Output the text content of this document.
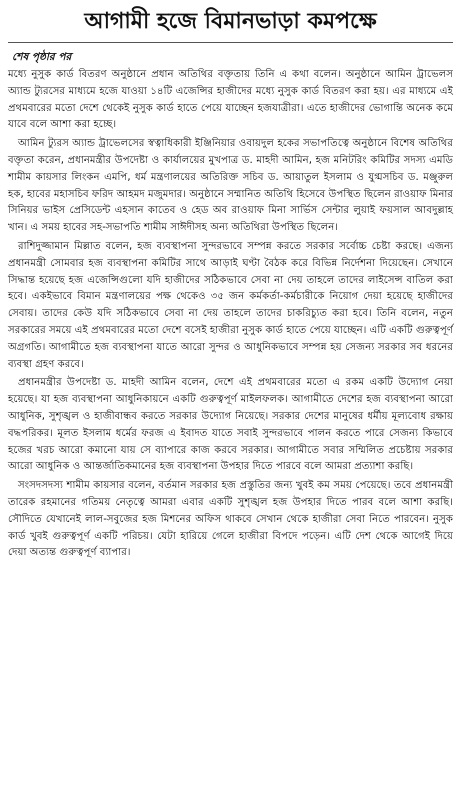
আগামী হজে বিমানভাড়া কমপক্ষে
শেষ পৃষ্ঠার পর

মধ্যে নুসুক কার্ড বিতরণ অনুষ্ঠানে প্রধান অতিথির বক্তৃতায় তিনি এ কথা বলেন। অনুষ্ঠানে আমিন ট্রাভেলস অ্যান্ড ট্যুরসের মাধ্যমে হজে যাওয়া ১৪টি এজেন্সির হাজীদের মধ্যে নুসুক কার্ড বিতরণ করা হয়। এর মাধ্যমে এই প্রথমবারের মতো দেশে থেকেই নুসুক কার্ড হাতে পেয়ে যাচ্ছেন হজযাত্রীরা। এতে হাজীদের ভোগান্তি অনেক কমে যাবে বলে আশা করা হচ্ছে।

আমিন ট্যুরস অ্যান্ড ট্রাভেলসের স্বত্বাধিকারী ইঞ্জিনিয়ার ওবায়দুল হকের সভাপতিত্বে অনুষ্ঠানে বিশেষ অতিথির বক্তৃতা করেন, প্রধানমন্ত্রীর উপদেষ্টা ও কার্যালয়ের মুখপাত্র ড. মাহদী আমিন, হজ মনিটরিং কমিটির সদস্য এমডি শামীম কায়সার লিংকন এমপি, ধর্ম মন্ত্রণালয়ের অতিরিক্ত সচিব ড. আয়াতুল ইসলাম ও যুগ্মসচিব ড. মঞ্জুরুল হক, হাবের মহাসচিব ফরিদ আহমদ মজুমদার। অনুষ্ঠানে সম্মানিত অতিথি হিসেবে উপস্থিত ছিলেন রাওয়াফ মিনার সিনিয়র ভাইস প্রেসিডেন্ট এহসান কাতেব ও হেড অব রাওয়াফ মিনা সার্ভিস সেন্টার লুয়াই ফয়সাল আবদুল্লাহ খান। এ সময় হাবের সহ-সভাপতি শামীম সাঈদীসহ অন্য অতিথিরা উপস্থিত ছিলেন।

রাশিদুজ্জামান মিল্লাত বলেন, হজ ব্যবস্থাপনা সুন্দরভাবে সম্পন্ন করতে সরকার সর্বোচ্চ চেষ্টা করছে। এজন্য প্রধানমন্ত্রী সোমবার হজ ব্যবস্থাপনা কমিটির সাথে আড়াই ঘণ্টা বৈঠক করে বিভিন্ন নির্দেশনা দিয়েছেন। সেখানে সিদ্ধান্ত হয়েছে হজ এজেন্সিগুলো যদি হাজীদের সঠিকভাবে সেবা না দেয় তাহলে তাদের লাইসেন্স বাতিল করা হবে। একইভাবে বিমান মন্ত্রণালয়ের পক্ষ থেকেও ৩৫ জন কর্মকর্তা-কর্মচারীকে নিয়োগ দেয়া হয়েছে হাজীদের সেবায়। তাদের কেউ যদি সঠিকভাবে সেবা না দেয় তাহলে তাদের চাকরিচ্যুত করা হবে। তিনি বলেন, নতুন সরকারের সময়ে এই প্রথমবারের মতো দেশে বসেই হাজীরা নুসুক কার্ড হাতে পেয়ে যাচ্ছেন। এটি একটি গুরুত্বপূর্ণ অগ্রগতি। আগামীতে হজ ব্যবস্থাপনা যাতে আরো সুন্দর ও আধুনিকভাবে সম্পন্ন হয় সেজন্য সরকার সব ধরনের ব্যবস্থা গ্রহণ করবে।

প্রধানমন্ত্রীর উপদেষ্টা ড. মাহদী আমিন বলেন, দেশে এই প্রথমবারের মতো এ রকম একটি উদ্যোগ নেয়া হয়েছে। যা হজ ব্যবস্থাপনা আধুনিকায়নে একটি গুরুত্বপূর্ণ মাইলফলক। আগামীতে দেশের হজ ব্যবস্থাপনা আরো আধুনিক, সুশৃঙ্খল ও হাজীবান্ধব করতে সরকার উদ্যোগ নিয়েছে। সরকার দেশের মানুষের ধর্মীয় মূল্যবোধ রক্ষায় বদ্ধপরিকর। মূলত ইসলাম ধর্মের ফরজ এ ইবাদত যাতে সবাই সুন্দরভাবে পালন করতে পারে সেজন্য কিভাবে হজের খরচ আরো কমানো যায় সে ব্যাপারে কাজ করবে সরকার। আগামীতে সবার সম্মিলিত প্রচেষ্টায় সরকার আরো আধুনিক ও আন্তর্জাতিকমানের হজ ব্যবস্থাপনা উপহার দিতে পারবে বলে আমরা প্রত্যাশা করছি।

সংসদসদস্য শামীম কায়সার বলেন, বর্তমান সরকার হজ প্রস্তুতির জন্য খুবই কম সময় পেয়েছে। তবে প্রধানমন্ত্রী তারেক রহমানের গতিময় নেতৃত্বে আমরা এবার একটি সুশৃঙ্খল হজ উপহার দিতে পারব বলে আশা করছি। সৌদিতে যেখানেই লাল-সবুজের হজ মিশনের অফিস থাকবে সেখান থেকে হাজীরা সেবা নিতে পারবেন। নুসুক কার্ড খুবই গুরুত্বপূর্ণ একটি পরিচয়। যেটা হারিয়ে গেলে হাজীরা বিপদে পড়েন। এটি দেশ থেকে আগেই দিয়ে দেয়া অত্যন্ত গুরুত্বপূর্ণ ব্যাপার।
